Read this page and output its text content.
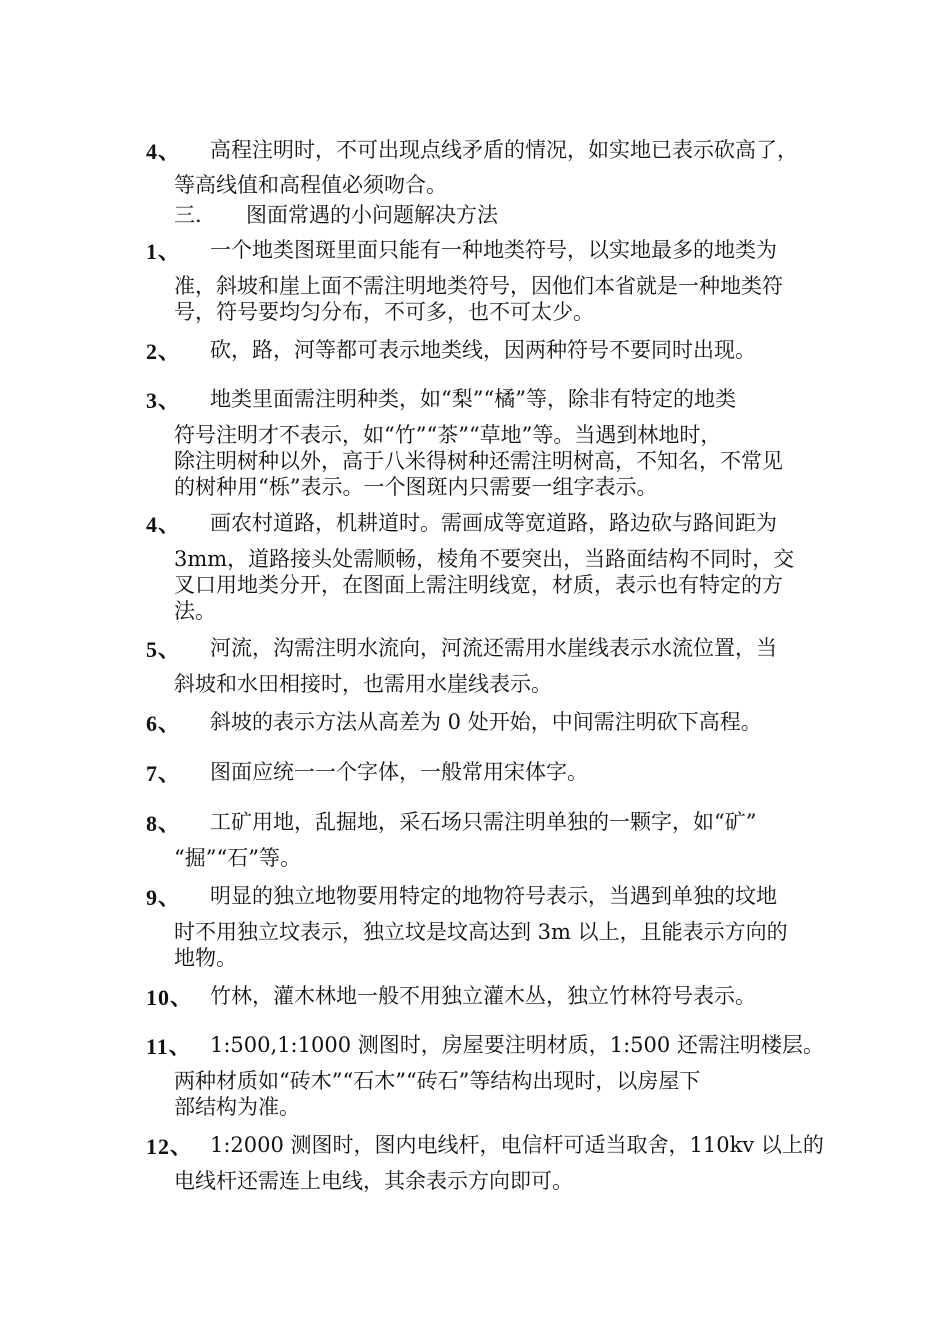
4、 高程注明时，不可出现点线矛盾的情况，如实地已表示砍高了，
等高线值和高程值必须吻合。
三. 图面常遇的小问题解决方法
1、 一个地类图斑里面只能有一种地类符号，以实地最多的地类为
准，斜坡和崖上面不需注明地类符号，因他们本省就是一种地类符
号，符号要均匀分布，不可多，也不可太少。
2、 砍，路，河等都可表示地类线，因两种符号不要同时出现。
3、 地类里面需注明种类，如“梨”“橘”等，除非有特定的地类
符号注明才不表示，如“竹”“茶”“草地”等。当遇到林地时，
除注明树种以外，高于八米得树种还需注明树高，不知名，不常见
的树种用“栎”表示。一个图斑内只需要一组字表示。
4、 画农村道路，机耕道时。需画成等宽道路，路边砍与路间距为
3mm，道路接头处需顺畅，棱角不要突出，当路面结构不同时，交
叉口用地类分开，在图面上需注明线宽，材质，表示也有特定的方
法。
5、 河流，沟需注明水流向，河流还需用水崖线表示水流位置，当
斜坡和水田相接时，也需用水崖线表示。
6、 斜坡的表示方法从高差为 0 处开始，中间需注明砍下高程。
7、 图面应统一一个字体，一般常用宋体字。
8、 工矿用地，乱掘地，采石场只需注明单独的一颗字，如“矿”
“掘”“石”等。
9、 明显的独立地物要用特定的地物符号表示，当遇到单独的坟地
时不用独立坟表示，独立坟是坟高达到 3m 以上，且能表示方向的
地物。
10、 竹林，灌木林地一般不用独立灌木丛，独立竹林符号表示。
11、 1:500,1:1000 测图时，房屋要注明材质，1:500 还需注明楼层。
两种材质如“砖木”“石木”“砖石”等结构出现时，以房屋下
部结构为准。
12、 1:2000 测图时，图内电线杆，电信杆可适当取舍，110kv 以上的
电线杆还需连上电线，其余表示方向即可。
